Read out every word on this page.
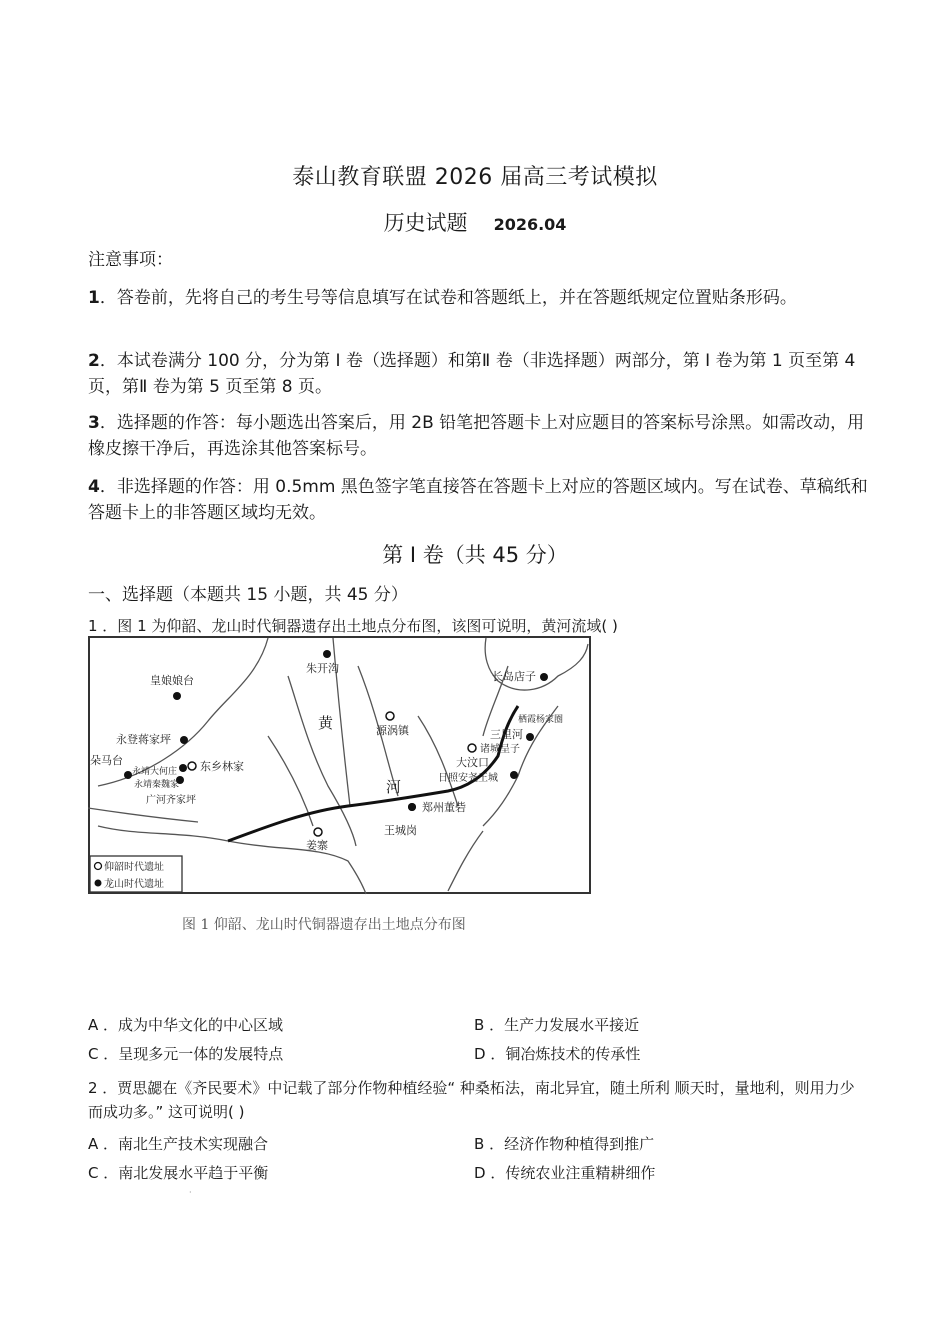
泰山教育联盟 2026 届高三考试模拟
历史试题 2026.04
注意事项：
1．答卷前，先将自己的考生号等信息填写在试卷和答题纸上，并在答题纸规定位置贴条形码。
2．本试卷满分 100 分，分为第 Ⅰ 卷（选择题）和第Ⅱ 卷（非选择题）两部分，第 Ⅰ 卷为第 1 页至第 4 页，第Ⅱ 卷为第 5 页至第 8 页。
3．选择题的作答：每小题选出答案后，用 2B 铅笔把答题卡上对应题目的答案标号涂黑。如需改动，用橡皮擦干净后，再选涂其他答案标号。
4．非选择题的作答：用 0.5mm 黑色签字笔直接答在答题卡上对应的答题区域内。写在试卷、草稿纸和答题卡上的非答题区域均无效。
第 Ⅰ 卷（共 45 分）
一、选择题（本题共 15 小题，共 45 分）
1 ．图 1 为仰韶、龙山时代铜器遗存出土地点分布图，该图可说明，黄河流域( )
黄
河
皇娘娘台
永登蒋家坪
朵马台
永靖大何庄
永靖秦魏家
东乡林家
广河齐家坪
朱开沟
源涡镇
长岛店子
栖霞杨家圈
三里河
诸城呈子
大汶口
日照安尧王城
郑州董砦
王城岗
姜寨
仰韶时代遗址
龙山时代遗址
图 1 仰韶、龙山时代铜器遗存出土地点分布图
A ．成为中华文化的中心区域	B ．生产力发展水平接近
C ．呈现多元一体的发展特点	D ．铜冶炼技术的传承性
2 ．贾思勰在《齐民要术》中记载了部分作物种植经验“ 种桑柘法，南北异宜，随土所利 顺天时，量地利，则用力少而成功多。” 这可说明( )
A ．南北生产技术实现融合	B ．经济作物种植得到推广
C ．南北发展水平趋于平衡	D ．传统农业注重精耕细作
·
